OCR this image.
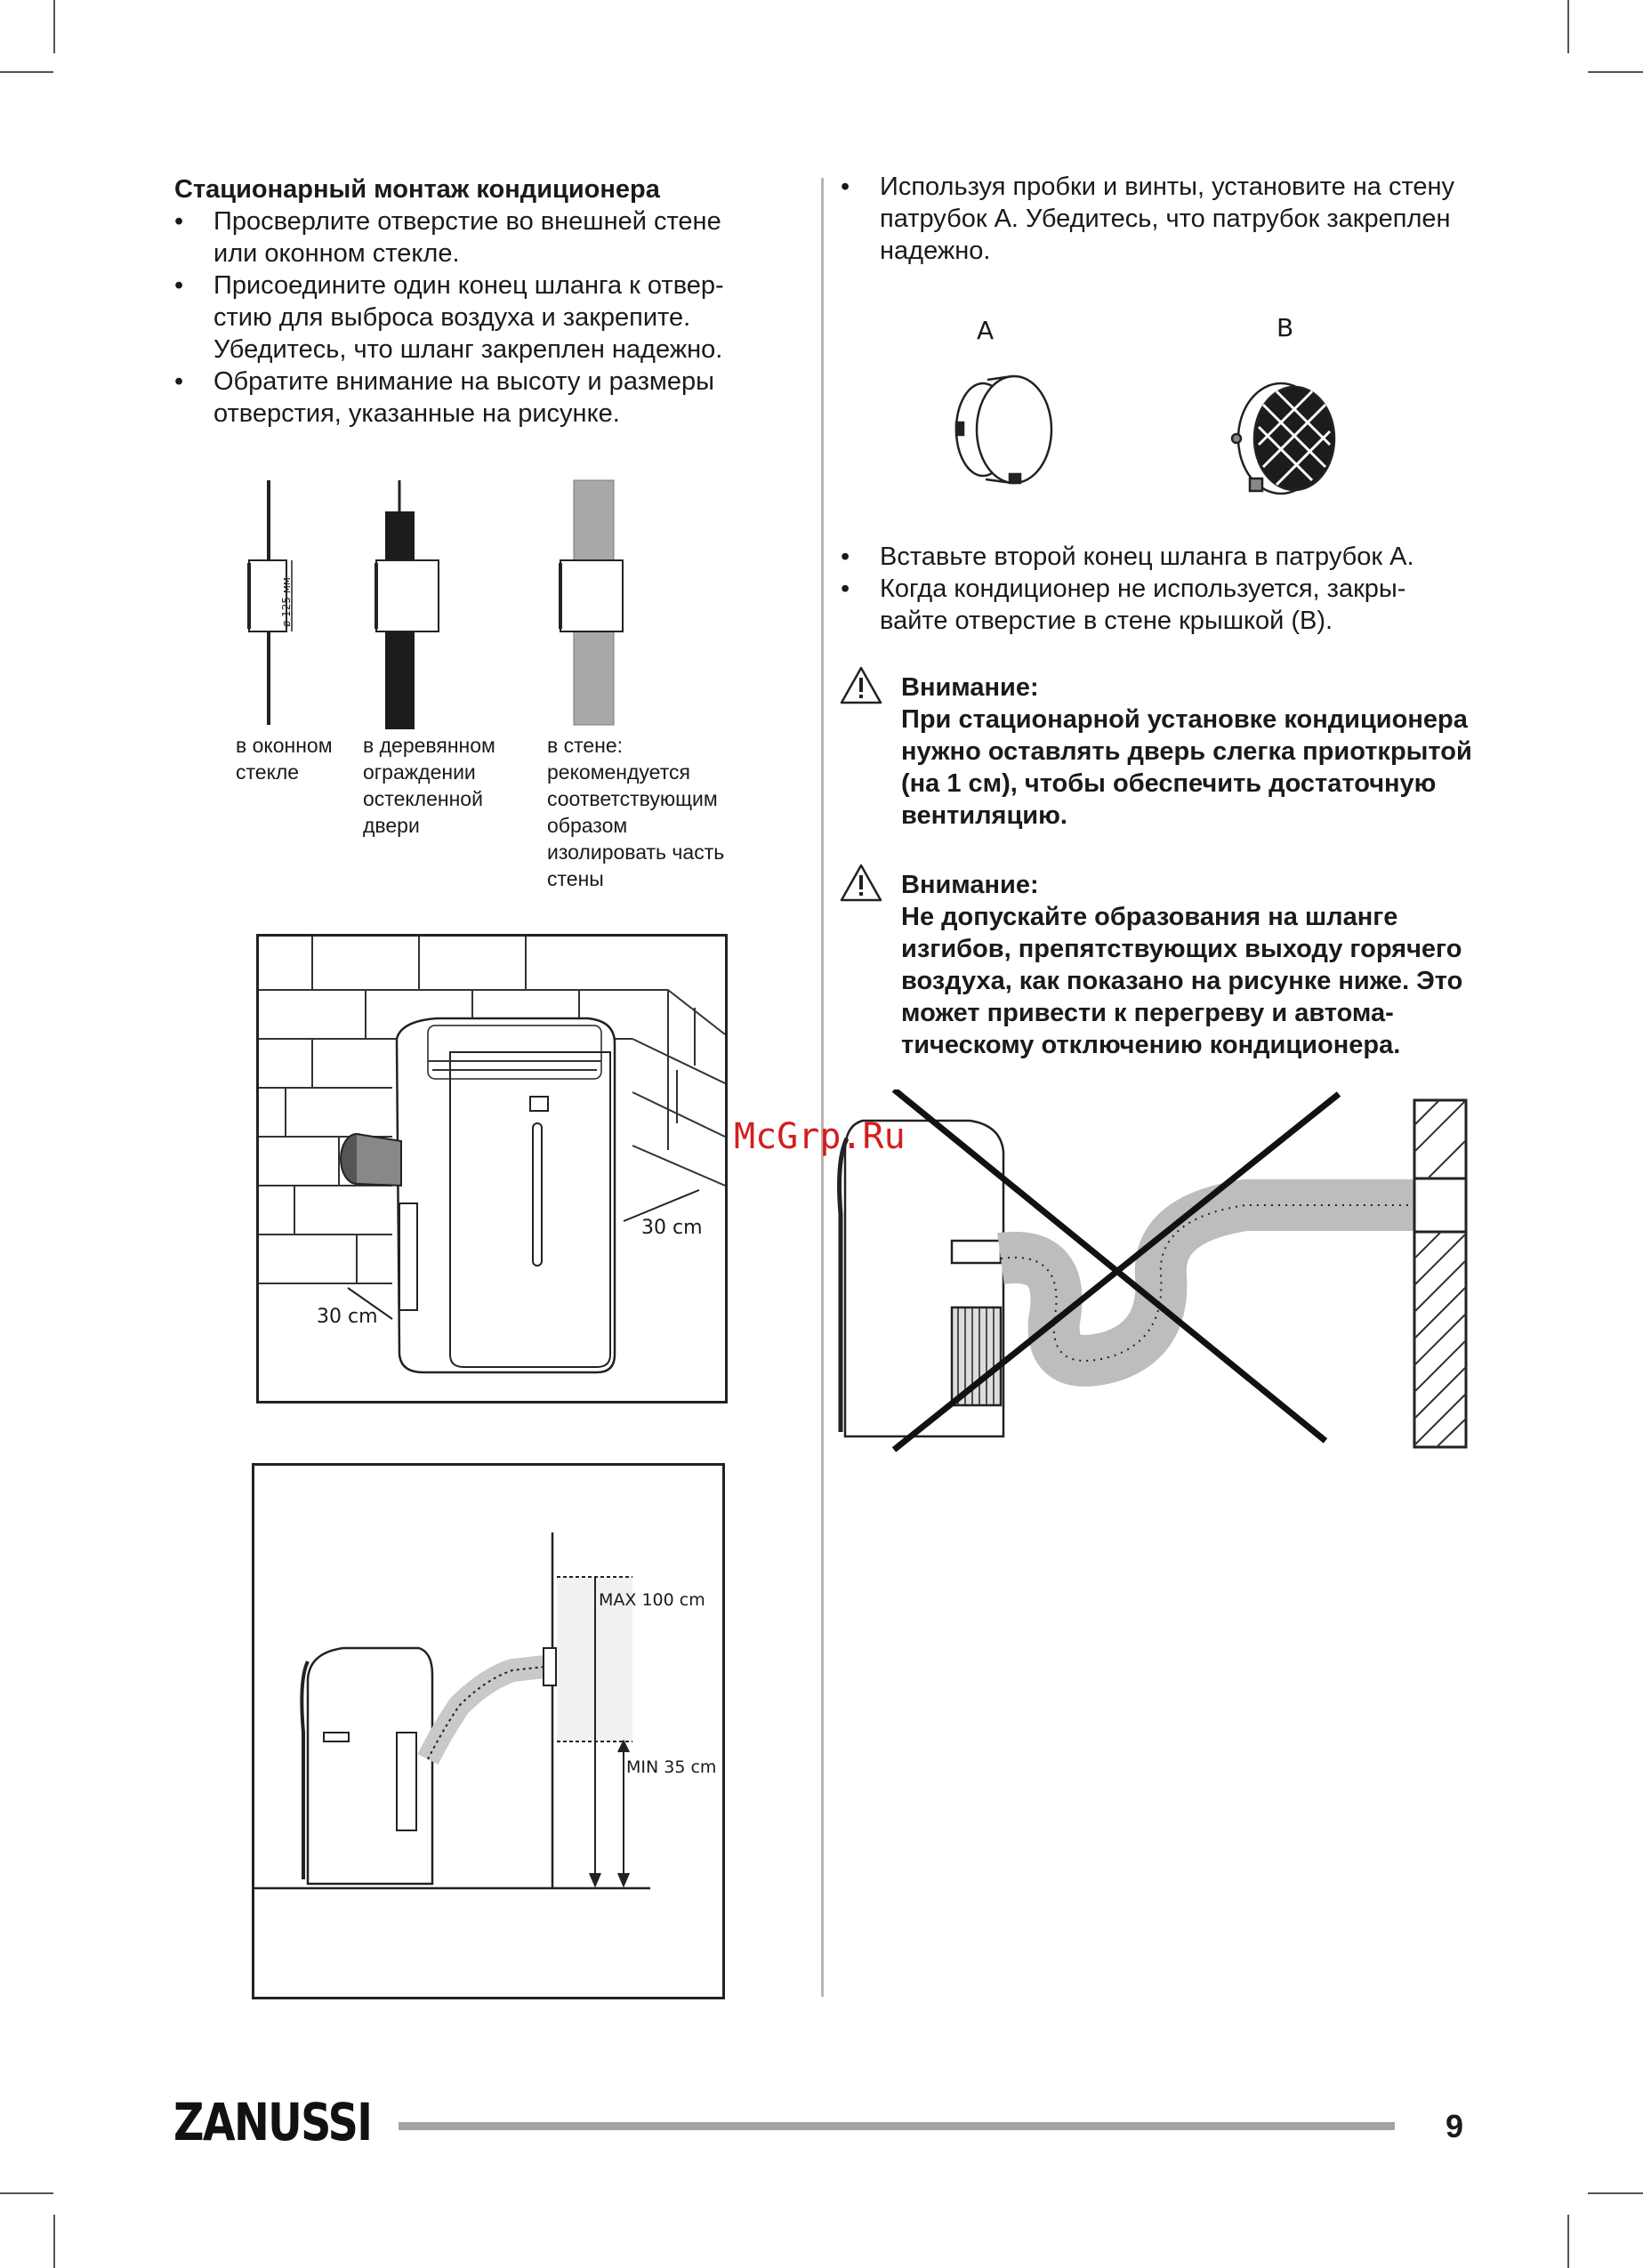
Стационарный монтаж кондиционера
• Просверлите отверстие во внешней стене или оконном стекле.
• Присоедините один конец шланга к отверстию для выброса воздуха и закрепите. Убедитесь, что шланг закреплен надежно.
• Обратите внимание на высоту и размеры отверстия, указанные на рисунке.
ø 125 мм
в оконном стекле
в деревянном ограждении остекленной двери
в стене: рекомендуется соответствующим образом изолировать часть стены
30 cm
30 cm
MAX 100 cm
MIN 35 cm
• Используя пробки и винты, установите на стену патрубок А. Убедитесь, что патрубок закреплен надежно.
A	B
• Вставьте второй конец шланга в патрубок А.
• Когда кондиционер не используется, закрывайте отверстие в стене крышкой (В).
Внимание:
При стационарной установке кондиционера нужно оставлять дверь слегка приоткрытой (на 1 см), чтобы обеспечить достаточную вентиляцию.
Внимание:
Не допускайте образования на шланге изгибов, препятствующих выходу горячего воздуха, как показано на рисунке ниже. Это может привести к перегреву и автоматическому отключению кондиционера.
McGrp.Ru
ZANUSSI	9
